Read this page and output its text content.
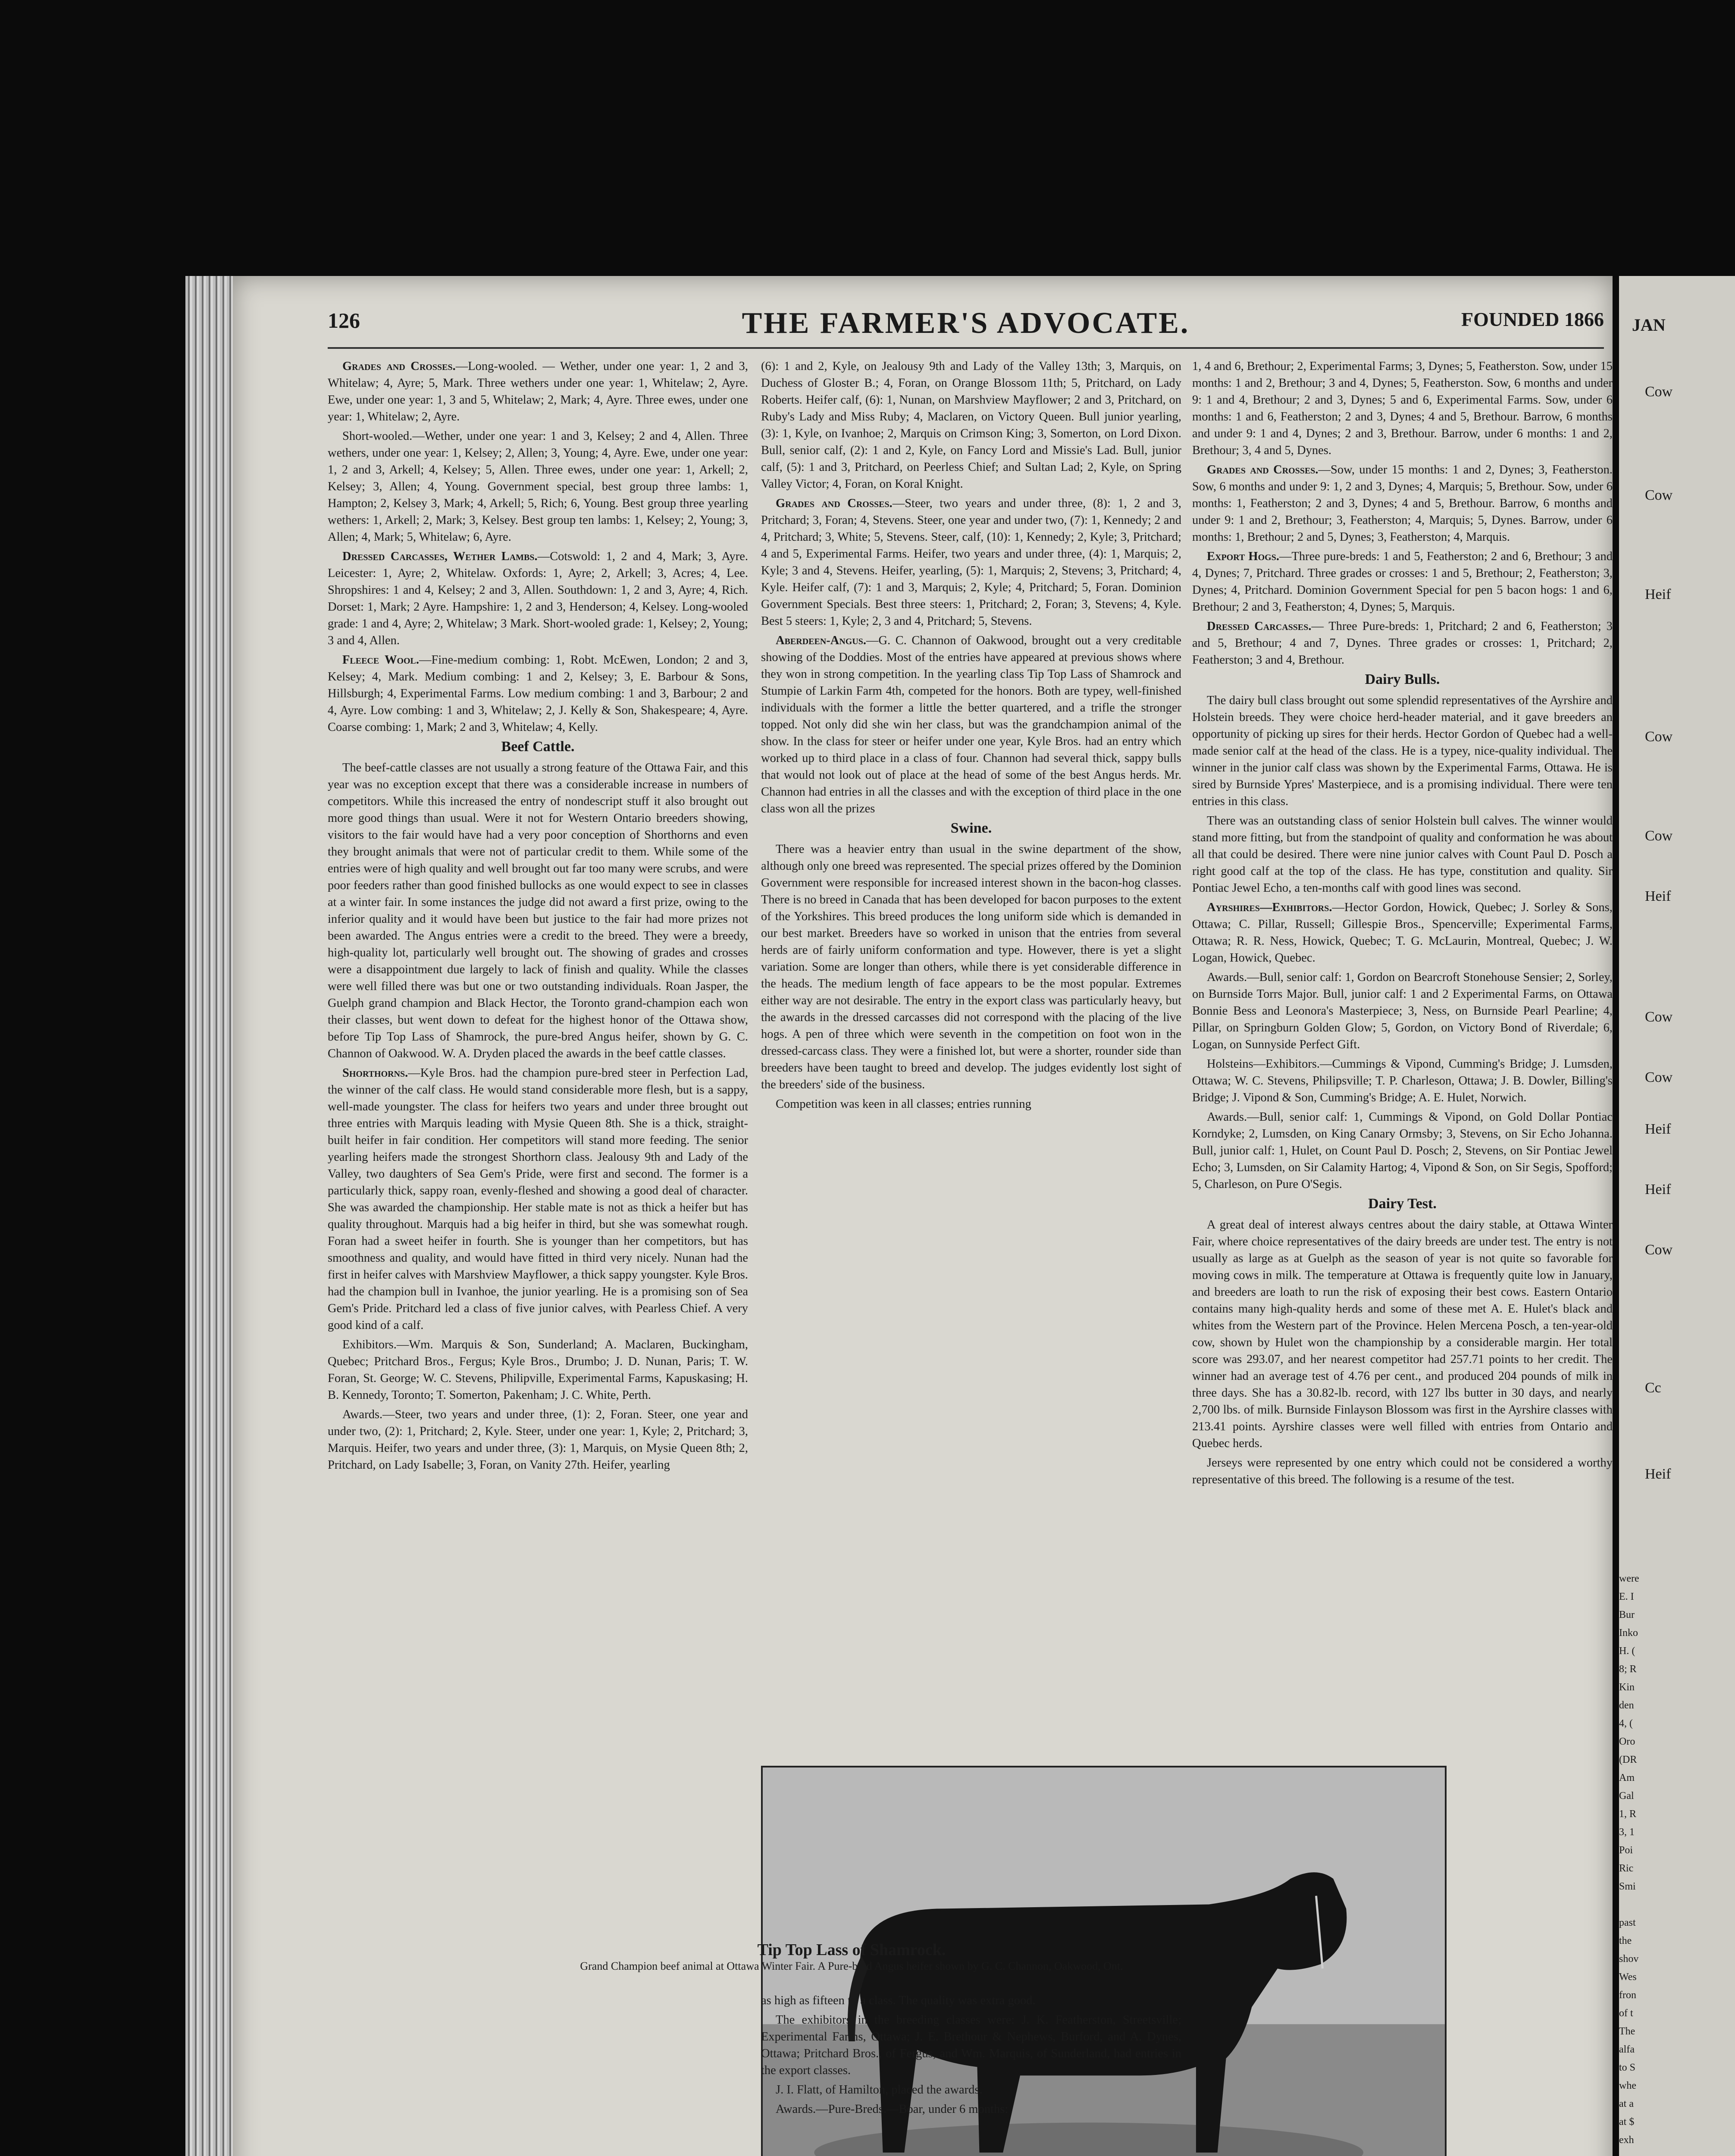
126	THE FARMER'S ADVOCATE.	FOUNDED 1866

Grades and Crosses.—Long-wooled. — Wether, under one year: 1, 2 and 3, Whitelaw; 4, Ayre; 5, Mark. Three wethers under one year: 1, Whitelaw; 2, Ayre. Ewe, under one year: 1, 3 and 5, Whitelaw; 2, Mark; 4, Ayre. Three ewes, under one year: 1, Whitelaw; 2, Ayre.

Short-wooled.—Wether, under one year: 1 and 3, Kelsey; 2 and 4, Allen. Three wethers, under one year: 1, Kelsey; 2, Allen; 3, Young; 4, Ayre. Ewe, under one year: 1, 2 and 3, Arkell; 4, Kelsey; 5, Allen. Three ewes, under one year: 1, Arkell; 2, Kelsey; 3, Allen; 4, Young. Government special, best group three lambs: 1, Hampton; 2, Kelsey 3, Mark; 4, Arkell; 5, Rich; 6, Young. Best group three yearling wethers: 1, Arkell; 2, Mark; 3, Kelsey. Best group ten lambs: 1, Kelsey; 2, Young; 3, Allen; 4, Mark; 5, Whitelaw; 6, Ayre.

Dressed Carcasses, Wether Lambs.—Cotswold: 1, 2 and 4, Mark; 3, Ayre. Leicester: 1, Ayre; 2, Whitelaw. Oxfords: 1, Ayre; 2, Arkell; 3, Acres; 4, Lee. Shropshires: 1 and 4, Kelsey; 2 and 3, Allen. Southdown: 1, 2 and 3, Ayre; 4, Rich. Dorset: 1, Mark; 2 Ayre. Hampshire: 1, 2 and 3, Henderson; 4, Kelsey. Long-wooled grade: 1 and 4, Ayre; 2, Whitelaw; 3 Mark. Short-wooled grade: 1, Kelsey; 2, Young; 3 and 4, Allen.

Fleece Wool.—Fine-medium combing: 1, Robt. McEwen, London; 2 and 3, Kelsey; 4, Mark. Medium combing: 1 and 2, Kelsey; 3, E. Barbour & Sons, Hillsburgh; 4, Experimental Farms. Low medium combing: 1 and 3, Barbour; 2 and 4, Ayre. Low combing: 1 and 3, Whitelaw; 2, J. Kelly & Son, Shakespeare; 4, Ayre. Coarse combing: 1, Mark; 2 and 3, Whitelaw; 4, Kelly.

Beef Cattle.

The beef-cattle classes are not usually a strong feature of the Ottawa Fair, and this year was no exception except that there was a considerable increase in numbers of competitors. While this increased the entry of nondescript stuff it also brought out more good things than usual. Were it not for Western Ontario breeders showing, visitors to the fair would have had a very poor conception of Shorthorns and even they brought animals that were not of particular credit to them. While some of the entries were of high quality and well brought out far too many were scrubs, and were poor feeders rather than good finished bullocks as one would expect to see in classes at a winter fair. In some instances the judge did not award a first prize, owing to the inferior quality and it would have been but justice to the fair had more prizes not been awarded. The Angus entries were a credit to the breed. They were a breedy, high-quality lot, particularly well brought out. The showing of grades and crosses were a disappointment due largely to lack of finish and quality. While the classes were well filled there was but one or two outstanding individuals. Roan Jasper, the Guelph grand champion and Black Hector, the Toronto grand-champion each won their classes, but went down to defeat for the highest honor of the Ottawa show, before Tip Top Lass of Shamrock, the pure-bred Angus heifer, shown by G. C. Channon of Oakwood. W. A. Dryden placed the awards in the beef cattle classes.

Shorthorns.—Kyle Bros. had the champion pure-bred steer in Perfection Lad, the winner of the calf class. He would stand considerable more flesh, but is a sappy, well-made youngster. The class for heifers two years and under three brought out three entries with Marquis leading with Mysie Queen 8th. She is a thick, straight-built heifer in fair condition. Her competitors will stand more feeding. The senior yearling heifers made the strongest Shorthorn class. Jealousy 9th and Lady of the Valley, two daughters of Sea Gem's Pride, were first and second. The former is a particularly thick, sappy roan, evenly-fleshed and showing a good deal of character. She was awarded the championship. Her stable mate is not as thick a heifer but has quality throughout. Marquis had a big heifer in third, but she was somewhat rough. Foran had a sweet heifer in fourth. She is younger than her competitors, but has smoothness and quality, and would have fitted in third very nicely. Nunan had the first in heifer calves with Marshview Mayflower, a thick sappy youngster. Kyle Bros. had the champion bull in Ivanhoe, the junior yearling. He is a promising son of Sea Gem's Pride. Pritchard led a class of five junior calves, with Pearless Chief. A very good kind of a calf.

Exhibitors.—Wm. Marquis & Son, Sunderland; A. Maclaren, Buckingham, Quebec; Pritchard Bros., Fergus; Kyle Bros., Drumbo; J. D. Nunan, Paris; T. W. Foran, St. George; W. C. Stevens, Philipville, Experimental Farms, Kapuskasing; H. B. Kennedy, Toronto; T. Somerton, Pakenham; J. C. White, Perth.

Awards.—Steer, two years and under three, (1): 2, Foran. Steer, one year and under two, (2): 1, Pritchard; 2, Kyle. Steer, under one year: 1, Kyle; 2, Pritchard; 3, Marquis. Heifer, two years and under three, (3): 1, Marquis, on Mysie Queen 8th; 2, Pritchard, on Lady Isabelle; 3, Foran, on Vanity 27th. Heifer, yearling

(6): 1 and 2, Kyle, on Jealousy 9th and Lady of the Valley 13th; 3, Marquis, on Duchess of Gloster B.; 4, Foran, on Orange Blossom 11th; 5, Pritchard, on Lady Roberts. Heifer calf, (6): 1, Nunan, on Marshview Mayflower; 2 and 3, Pritchard, on Ruby's Lady and Miss Ruby; 4, Maclaren, on Victory Queen. Bull junior yearling, (3): 1, Kyle, on Ivanhoe; 2, Marquis on Crimson King; 3, Somerton, on Lord Dixon. Bull, senior calf, (2): 1 and 2, Kyle, on Fancy Lord and Missie's Lad. Bull, junior calf, (5): 1 and 3, Pritchard, on Peerless Chief; and Sultan Lad; 2, Kyle, on Spring Valley Victor; 4, Foran, on Koral Knight.

Grades and Crosses.—Steer, two years and under three, (8): 1, 2 and 3, Pritchard; 3, Foran; 4, Stevens. Steer, one year and under two, (7): 1, Kennedy; 2 and 4, Pritchard; 3, White; 5, Stevens. Steer, calf, (10): 1, Kennedy; 2, Kyle; 3, Pritchard; 4 and 5, Experimental Farms. Heifer, two years and under three, (4): 1, Marquis; 2, Kyle; 3 and 4, Stevens. Heifer, yearling, (5): 1, Marquis; 2, Stevens; 3, Pritchard; 4, Kyle. Heifer calf, (7): 1 and 3, Marquis; 2, Kyle; 4, Pritchard; 5, Foran. Dominion Government Specials. Best three steers: 1, Pritchard; 2, Foran; 3, Stevens; 4, Kyle. Best 5 steers: 1, Kyle; 2, 3 and 4, Pritchard; 5, Stevens.

Aberdeen-Angus.—G. C. Channon of Oakwood, brought out a very creditable showing of the Doddies. Most of the entries have appeared at previous shows where they won in strong competition. In the yearling class Tip Top Lass of Shamrock and Stumpie of Larkin Farm 4th, competed for the honors. Both are typey, well-finished individuals with the former a little the better quartered, and a trifle the stronger topped. Not only did she win her class, but was the grandchampion animal of the show. In the class for steer or heifer under one year, Kyle Bros. had an entry which worked up to third place in a class of four. Channon had several thick, sappy bulls that would not look out of place at the head of some of the best Angus herds. Mr. Channon had entries in all the classes and with the exception of third place in the one class won all the prizes

Swine.

There was a heavier entry than usual in the swine department of the show, although only one breed was represented. The special prizes offered by the Dominion Government were responsible for increased interest shown in the bacon-hog classes. There is no breed in Canada that has been developed for bacon purposes to the extent of the Yorkshires. This breed produces the long uniform side which is demanded in our best market. Breeders have so worked in unison that the entries from several herds are of fairly uniform conformation and type. However, there is yet a slight variation. Some are longer than others, while there is yet considerable difference in the heads. The medium length of face appears to be the most popular. Extremes either way are not desirable. The entry in the export class was particularly heavy, but the awards in the dressed carcasses did not correspond with the placing of the live hogs. A pen of three which were seventh in the competition on foot won in the dressed-carcass class. They were a finished lot, but were a shorter, rounder side than breeders have been taught to breed and develop. The judges evidently lost sight of the breeders' side of the business.

Competition was keen in all classes; entries running

1, 4 and 6, Brethour; 2, Experimental Farms; 3, Dynes; 5, Featherston. Sow, under 15 months: 1 and 2, Brethour; 3 and 4, Dynes; 5, Featherston. Sow, 6 months and under 9: 1 and 4, Brethour; 2 and 3, Dynes; 5 and 6, Experimental Farms. Sow, under 6 months: 1 and 6, Featherston; 2 and 3, Dynes; 4 and 5, Brethour. Barrow, 6 months and under 9: 1 and 4, Dynes; 2 and 3, Brethour. Barrow, under 6 months: 1 and 2, Brethour; 3, 4 and 5, Dynes.

Grades and Crosses.—Sow, under 15 months: 1 and 2, Dynes; 3, Featherston. Sow, 6 months and under 9: 1, 2 and 3, Dynes; 4, Marquis; 5, Brethour. Sow, under 6 months: 1, Featherston; 2 and 3, Dynes; 4 and 5, Brethour. Barrow, 6 months and under 9: 1 and 2, Brethour; 3, Featherston; 4, Marquis; 5, Dynes. Barrow, under 6 months: 1, Brethour; 2 and 5, Dynes; 3, Featherston; 4, Marquis.

Export Hogs.—Three pure-breds: 1 and 5, Featherston; 2 and 6, Brethour; 3 and 4, Dynes; 7, Pritchard. Three grades or crosses: 1 and 5, Brethour; 2, Featherston; 3, Dynes; 4, Pritchard. Dominion Government Special for pen 5 bacon hogs: 1 and 6, Brethour; 2 and 3, Featherston; 4, Dynes; 5, Marquis.

Dressed Carcasses.— Three Pure-breds: 1, Pritchard; 2 and 6, Featherston; 3 and 5, Brethour; 4 and 7, Dynes. Three grades or crosses: 1, Pritchard; 2, Featherston; 3 and 4, Brethour.

Dairy Bulls.

The dairy bull class brought out some splendid representatives of the Ayrshire and Holstein breeds. They were choice herd-header material, and it gave breeders an opportunity of picking up sires for their herds. Hector Gordon of Quebec had a well-made senior calf at the head of the class. He is a typey, nice-quality individual. The winner in the junior calf class was shown by the Experimental Farms, Ottawa. He is sired by Burnside Ypres' Masterpiece, and is a promising individual. There were ten entries in this class.

There was an outstanding class of senior Holstein bull calves. The winner would stand more fitting, but from the standpoint of quality and conformation he was about all that could be desired. There were nine junior calves with Count Paul D. Posch a right good calf at the top of the class. He has type, constitution and quality. Sir Pontiac Jewel Echo, a ten-months calf with good lines was second.

Ayrshires—Exhibitors.—Hector Gordon, Howick, Quebec; J. Sorley & Sons, Ottawa; C. Pillar, Russell; Gillespie Bros., Spencerville; Experimental Farms, Ottawa; R. R. Ness, Howick, Quebec; T. G. McLaurin, Montreal, Quebec; J. W. Logan, Howick, Quebec.

Awards.—Bull, senior calf: 1, Gordon on Bearcroft Stonehouse Sensier; 2, Sorley, on Burnside Torrs Major. Bull, junior calf: 1 and 2 Experimental Farms, on Ottawa Bonnie Bess and Leonora's Masterpiece; 3, Ness, on Burnside Pearl Pearline; 4, Pillar, on Springburn Golden Glow; 5, Gordon, on Victory Bond of Riverdale; 6, Logan, on Sunnyside Perfect Gift.

Holsteins—Exhibitors.—Cummings & Vipond, Cumming's Bridge; J. Lumsden, Ottawa; W. C. Stevens, Philipsville; T. P. Charleson, Ottawa; J. B. Dowler, Billing's Bridge; J. Vipond & Son, Cumming's Bridge; A. E. Hulet, Norwich.

Awards.—Bull, senior calf: 1, Cummings & Vipond, on Gold Dollar Pontiac Korndyke; 2, Lumsden, on King Canary Ormsby; 3, Stevens, on Sir Echo Johanna. Bull, junior calf: 1, Hulet, on Count Paul D. Posch; 2, Stevens, on Sir Pontiac Jewel Echo; 3, Lumsden, on Sir Calamity Hartog; 4, Vipond & Son, on Sir Segis, Spofford; 5, Charleson, on Pure O'Segis.

Dairy Test.

A great deal of interest always centres about the dairy stable, at Ottawa Winter Fair, where choice representatives of the dairy breeds are under test. The entry is not usually as large as at Guelph as the season of year is not quite so favorable for moving cows in milk. The temperature at Ottawa is frequently quite low in January, and breeders are loath to run the risk of exposing their best cows. Eastern Ontario contains many high-quality herds and some of these met A. E. Hulet's black and whites from the Western part of the Province. Helen Mercena Posch, a ten-year-old cow, shown by Hulet won the championship by a considerable margin. Her total score was 293.07, and her nearest competitor had 257.71 points to her credit. The winner had an average test of 4.76 per cent., and produced 204 pounds of milk in three days. She has a 30.82-lb. record, with 127 lbs butter in 30 days, and nearly 2,700 lbs. of milk. Burnside Finlayson Blossom was first in the Ayrshire classes with 213.41 points. Ayrshire classes were well filled with entries from Ontario and Quebec herds.

Jerseys were represented by one entry which could not be considered a worthy representative of this breed. The following is a resume of the test.

Tip Top Lass of Shamrock.
Grand Champion beef animal at Ottawa Winter Fair. A Pure-bred Angus heifer shown by G. C. Channon, Oakwood, Ont.

as high as fifteen to a class. The quality was extra good.

The exhibitors in the breeding classes were: J. K. Featherston, Streetsville; Experimental Farms, Ottawa; J. E. Brethour & Nephews, Burford, and A. Dynes, Ottawa; Pritchard Bros., of Fergus, and Wm. Marquis, of Sunderland, had entries in the export classes.

J. I. Flatt, of Hamilton, placed the awards.

Awards.—Pure-Breds.—Boar, under 6 months:

JAN
Cow
Cow
Heif
Cow
Cow
Heif
Cow
Cow
Heif
Heif
Cow
Cc
Heif
were
E. I
Bur
Inko
H. (
8; R
Kin
den
4, (
Oro
(DR
Am
Gal
1, R
3, 1
Poi
Ric
Smi

past
the
shov
Wes
fron
of t
The
alfa
to S
whe
at a
at $
exh
